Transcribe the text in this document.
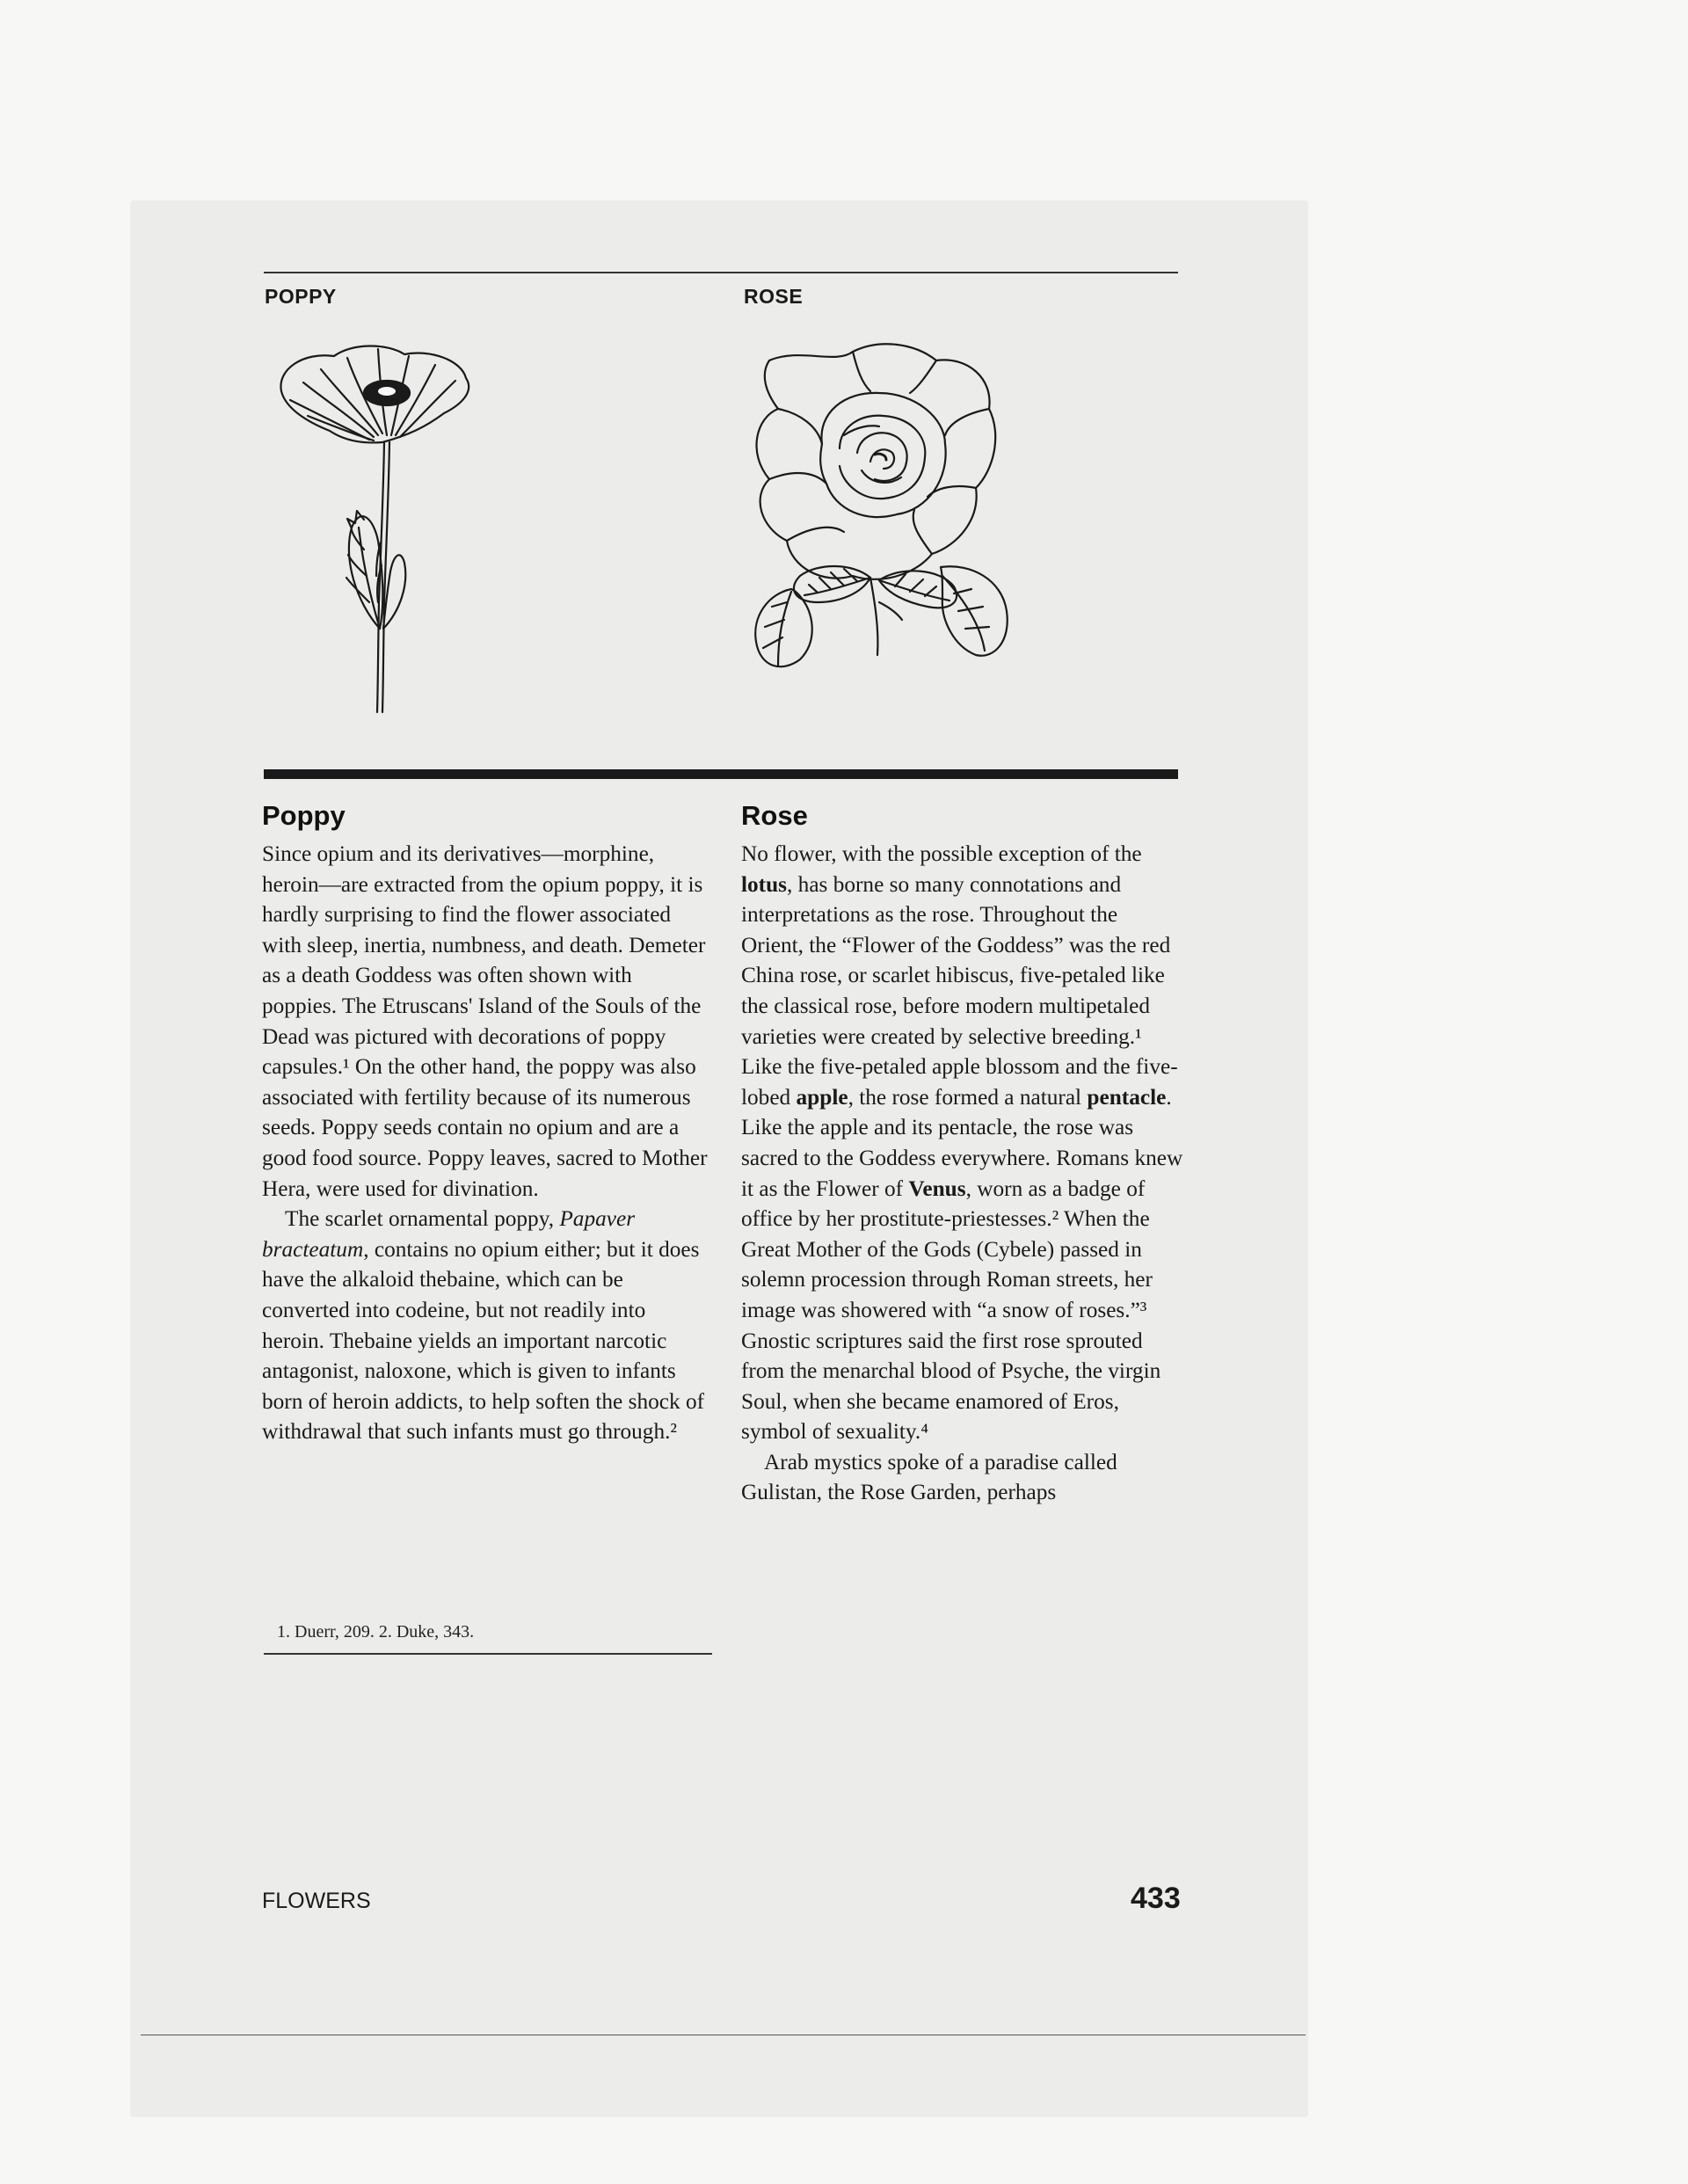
POPPY	ROSE
Poppy

Since opium and its derivatives—morphine, heroin—are extracted from the opium poppy, it is hardly surprising to find the flower associated with sleep, inertia, numbness, and death. Demeter as a death Goddess was often shown with poppies. The Etruscans' Island of the Souls of the Dead was pictured with decorations of poppy capsules.¹ On the other hand, the poppy was also associated with fertility because of its numerous seeds. Poppy seeds contain no opium and are a good food source. Poppy leaves, sacred to Mother Hera, were used for divination.

The scarlet ornamental poppy, Papaver bracteatum, contains no opium either; but it does have the alkaloid thebaine, which can be converted into codeine, but not readily into heroin. Thebaine yields an important narcotic antagonist, naloxone, which is given to infants born of heroin addicts, to help soften the shock of withdrawal that such infants must go through.²

1. Duerr, 209. 2. Duke, 343.
Rose

No flower, with the possible exception of the lotus, has borne so many connotations and interpretations as the rose. Throughout the Orient, the “Flower of the Goddess” was the red China rose, or scarlet hibiscus, five-petaled like the classical rose, before modern multipetaled varieties were created by selective breeding.¹ Like the five-petaled apple blossom and the five-lobed apple, the rose formed a natural pentacle. Like the apple and its pentacle, the rose was sacred to the Goddess everywhere. Romans knew it as the Flower of Venus, worn as a badge of office by her prostitute-priestesses.² When the Great Mother of the Gods (Cybele) passed in solemn procession through Roman streets, her image was showered with “a snow of roses.”³ Gnostic scriptures said the first rose sprouted from the menarchal blood of Psyche, the virgin Soul, when she became enamored of Eros, symbol of sexuality.⁴

Arab mystics spoke of a paradise called Gulistan, the Rose Garden, perhaps

FLOWERS	433
